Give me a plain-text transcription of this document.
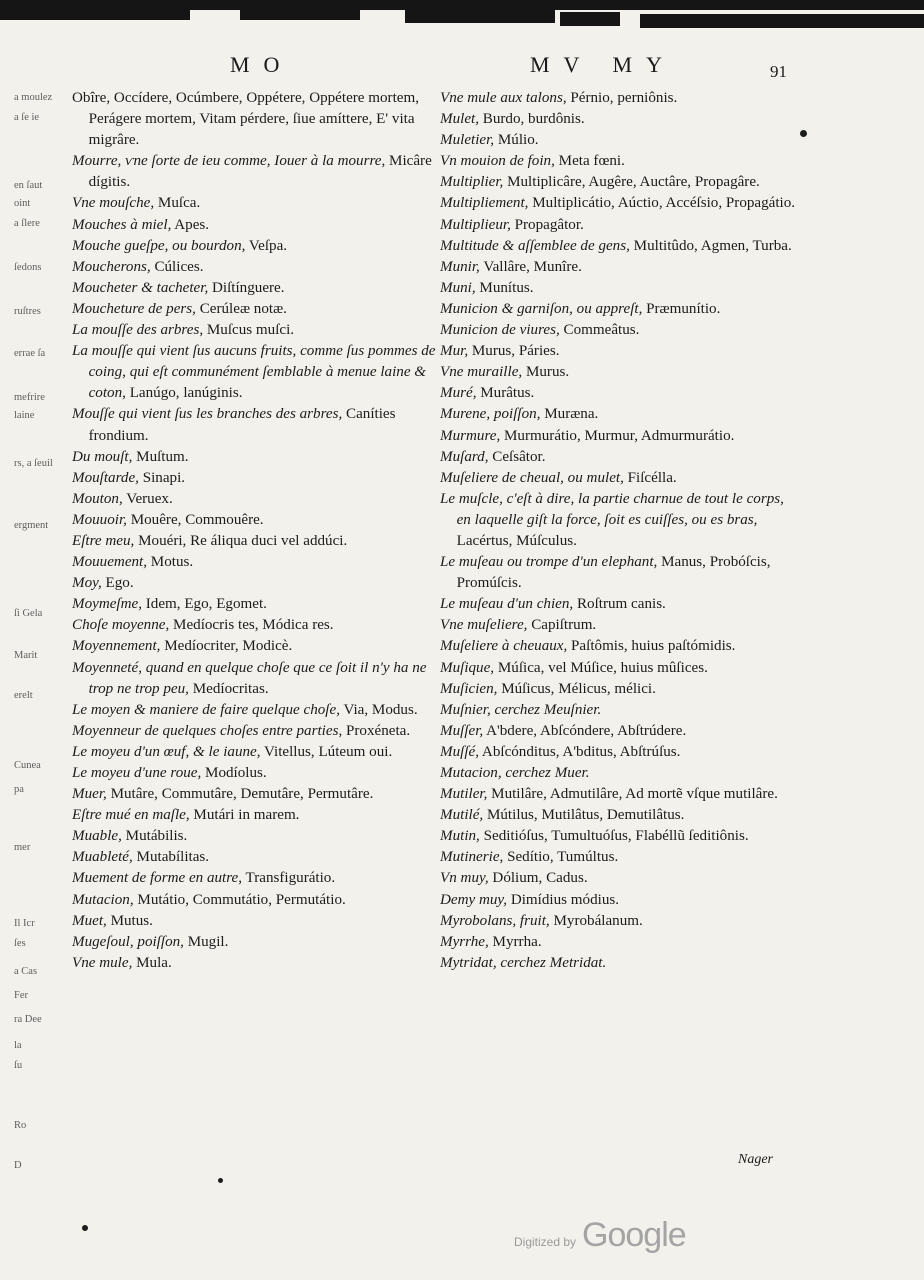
a moulez
a ſe ie
en ſaut
oint
a ſlere
ſedons
ruſtres
errae ſa
mefrire
laine
rs, a ſeuil
ergment
ſi Gela
Marit
erelt
Cunea
pa
mer
Il Icr
ſes
a Cas
Fer
ra Dee
la
ſu
Ro
D
MO	MV MY	91

Obîre, Occídere, Ocúmbere, Oppétere, Oppétere mortem, Perágere mortem, Vitam pérdere, ſiue amíttere, E' vita migrâre.

Mourre, ѵne ſorte de ieu comme, Iouer à la mourre, Micâre dígitis.

Vne mouſche, Muſca.

Mouches à miel, Apes.

Mouche gueſpe, ou bourdon, Veſpa.

Moucherons, Cúlices.

Moucheter & tacheter, Diſtínguere.

Moucheture de pers, Cerúleæ notæ.

La mouſſe des arbres, Muſcus muſci.

La mouſſe qui vient ſus aucuns fruits, comme ſus pommes de coing, qui eſt communément ſemblable à menue laine & coton, Lanúgo, lanúginis.

Mouſſe qui vient ſus les branches des arbres, Caníties frondium.

Du mouſt, Muſtum.

Mouſtarde, Sinapi.

Mouton, Veruex.

Mouuoir, Mouêre, Commouêre.

Eſtre meu, Mouéri, Re áliqua duci vel addúci.

Mouuement, Motus.

Moy, Ego.

Moymeſme, Idem, Ego, Egomet.

Choſe moyenne, Medíocris tes, Módica res.

Moyennement, Medíocriter, Modicè.

Moyenneté, quand en quelque choſe que ce ſoit il n'y ha ne trop ne trop peu, Medíocritas.

Le moyen & maniere de faire quelque choſe, Via, Modus.

Moyenneur de quelques choſes entre parties, Proxéneta.

Le moyeu d'un œuf, & le iaune, Vitellus, Lúteum oui.

Le moyeu d'une roue, Modíolus.

Muer, Mutâre, Commutâre, Demutâre, Permutâre.

Eſtre mué en maſle, Mutári in marem.

Muable, Mutábilis.

Muableté, Mutabílitas.

Muement de forme en autre, Transfigurátio.

Mutacion, Mutátio, Commutátio, Permutátio.

Muet, Mutus.

Mugeſoul, poiſſon, Mugil.

Vne mule, Mula.

Vne mule aux talons, Pérnio, perniônis.

Mulet, Burdo, burdônis.

Muletier, Múlio.

Vn mouion de foin, Meta fœni.

Multiplier, Multiplicâre, Augêre, Auctâre, Propagâre.

Multipliement, Multiplicátio, Aúctio, Accéſsio, Propagátio.

Multiplieur, Propagâtor.

Multitude & aſſemblee de gens, Multitûdo, Agmen, Turba.

Munir, Vallâre, Munîre.

Muni, Munítus.

Municion & garniſon, ou appreſt, Præmunítio.

Municion de viures, Commeâtus.

Mur, Murus, Páries.

Vne muraille, Murus.

Muré, Murâtus.

Murene, poiſſon, Muræna.

Murmure, Murmurátio, Murmur, Admurmurátio.

Muſard, Ceſsâtor.

Muſeliere de cheual, ou mulet, Fiſcélla.

Le muſcle, c'eſt à dire, la partie charnue de tout le corps, en laquelle giſt la force, ſoit es cuiſſes, ou es bras, Lacértus, Múſculus.

Le muſeau ou trompe d'un elephant, Manus, Probóſcis, Promúſcis.

Le muſeau d'un chien, Roſtrum canis.

Vne muſeliere, Capiſtrum.

Muſeliere à cheuaux, Paſtômis, huius paſtómidis.

Muſique, Múſica, vel Múſice, huius mûſices.

Muſicien, Múſicus, Mélicus, mélici.

Muſnier, cerchez Meuſnier.

Muſſer, A'bdere, Abſcóndere, Abſtrúdere.

Muſſé, Abſcónditus, A'bditus, Abſtrúſus.

Mutacion, cerchez Muer.

Mutiler, Mutilâre, Admutilâre, Ad mortẽ vſque mutilâre.

Mutilé, Mútilus, Mutilâtus, Demutilâtus.

Mutin, Seditióſus, Tumultuóſus, Flabéllũ ſeditiônis.

Mutinerie, Sedítio, Tumúltus.

Vn muy, Dólium, Cadus.

Demy muy, Dimídius módius.

Myrobolans, fruit, Myrobálanum.

Myrrhe, Myrrha.

Mytridat, cerchez Metridat.

Nager
Digitized by Google
